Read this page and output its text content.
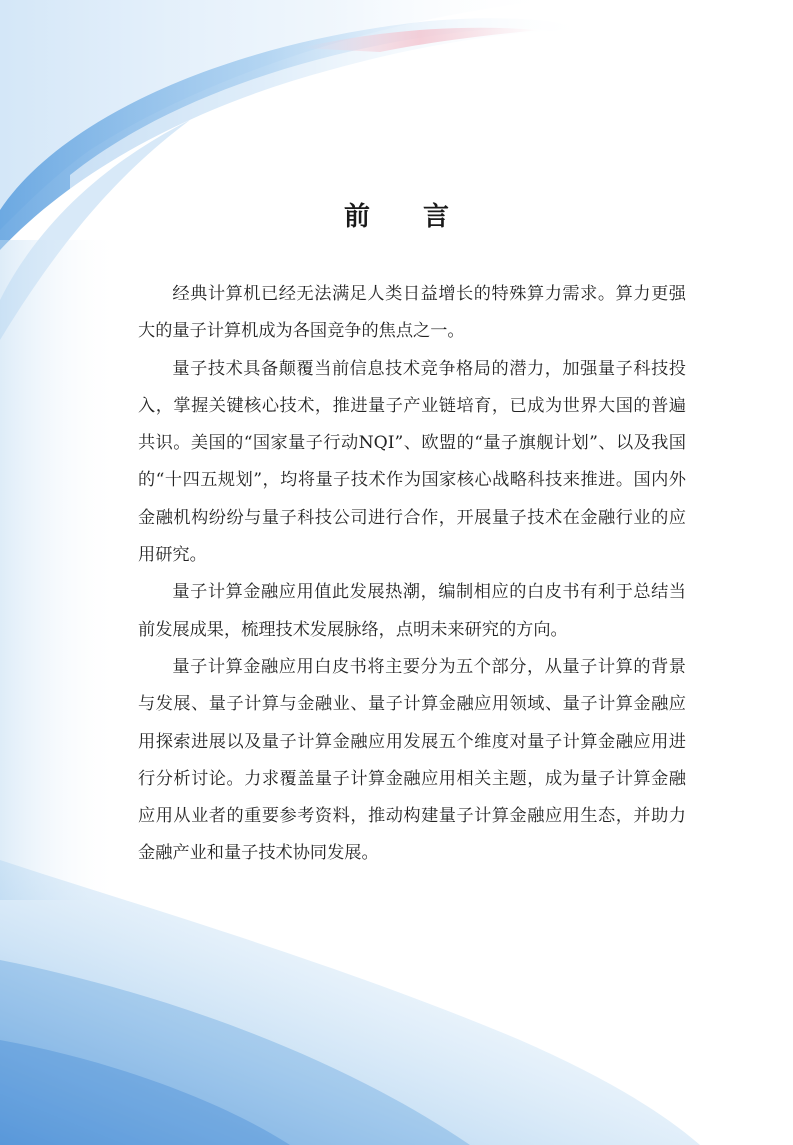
前 言

经典计算机已经无法满足人类日益增长的特殊算力需求。算力更强大的量子计算机成为各国竞争的焦点之一。

量子技术具备颠覆当前信息技术竞争格局的潜力，加强量子科技投入，掌握关键核心技术，推进量子产业链培育，已成为世界大国的普遍共识。美国的“国家量子行动NQI”、欧盟的“量子旗舰计划”、以及我国的“十四五规划”，均将量子技术作为国家核心战略科技来推进。国内外金融机构纷纷与量子科技公司进行合作，开展量子技术在金融行业的应用研究。

量子计算金融应用值此发展热潮，编制相应的白皮书有利于总结当前发展成果，梳理技术发展脉络，点明未来研究的方向。

量子计算金融应用白皮书将主要分为五个部分，从量子计算的背景与发展、量子计算与金融业、量子计算金融应用领域、量子计算金融应用探索进展以及量子计算金融应用发展五个维度对量子计算金融应用进行分析讨论。力求覆盖量子计算金融应用相关主题，成为量子计算金融应用从业者的重要参考资料，推动构建量子计算金融应用生态，并助力金融产业和量子技术协同发展。
